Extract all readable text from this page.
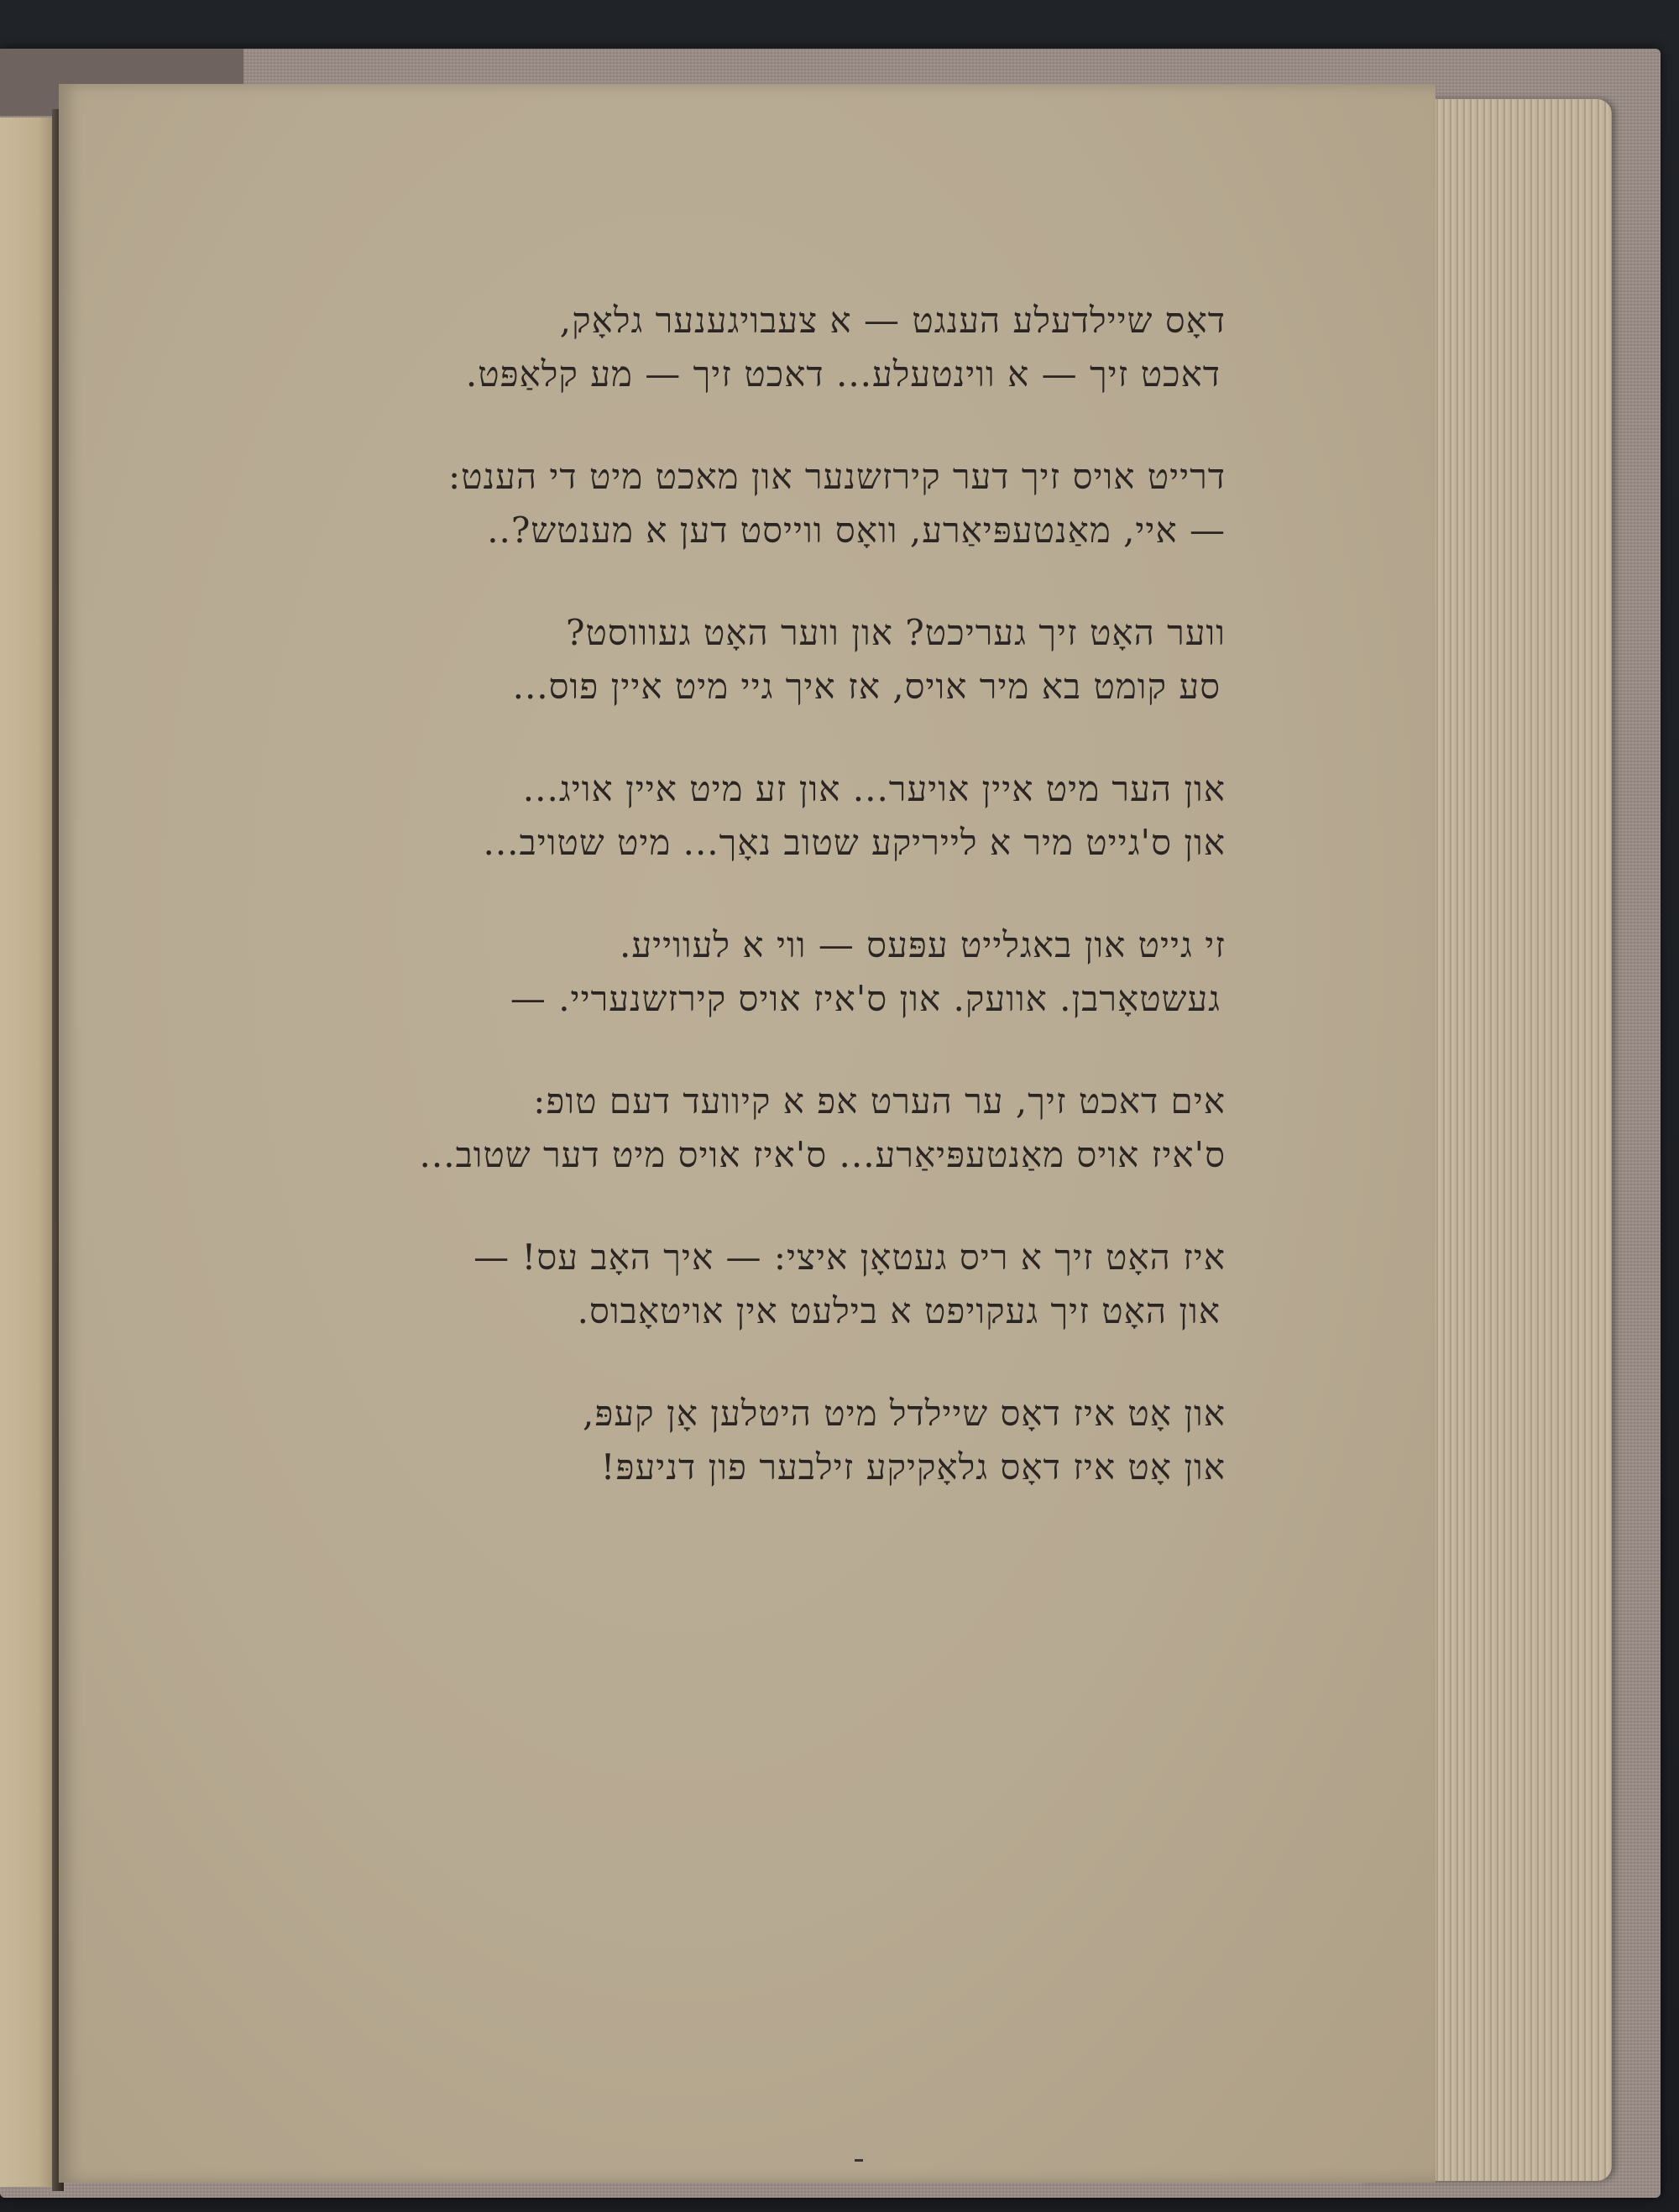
דאָס שיילדעלע הענגט — א צעבויגענער גלאָק,
דאכט זיך — א ווינטעלע... דאכט זיך — מע קלאַפּט.
דרייט אויס זיך דער קירזשנער און מאכט מיט די הענט:
— איי, מאַנטעפּיאַרע, וואָס ווייסט דען א מענטש?..
ווער האָט זיך געריכט? און ווער האָט געוווסט?
סע קומט בא מיר אויס, אז איך גיי מיט איין פוס...
און הער מיט איין אויער... און זע מיט איין אויג...
און ס'גייט מיר א לייריקע שטוב נאָך... מיט שטויב...
זי גייט און באגלייט עפּעס — ווי א לעווייע.
געשטאָרבן. אוועק. און ס'איז אויס קירזשנעריי. —
אים דאכט זיך, ער הערט אפ א קיוועד דעם טופ:
ס'איז אויס מאַנטעפּיאַרע... ס'איז אויס מיט דער שטוב...
איז האָט זיך א ריס געטאָן איצי: — איך האָב עס! —
און האָט זיך געקויפט א בילעט אין אויטאָבוס.
און אָט איז דאָס שיילדל מיט היטלען אָן קעפּ,
און אָט איז דאָס גלאָקיקע זילבער פון דניעפּ!
